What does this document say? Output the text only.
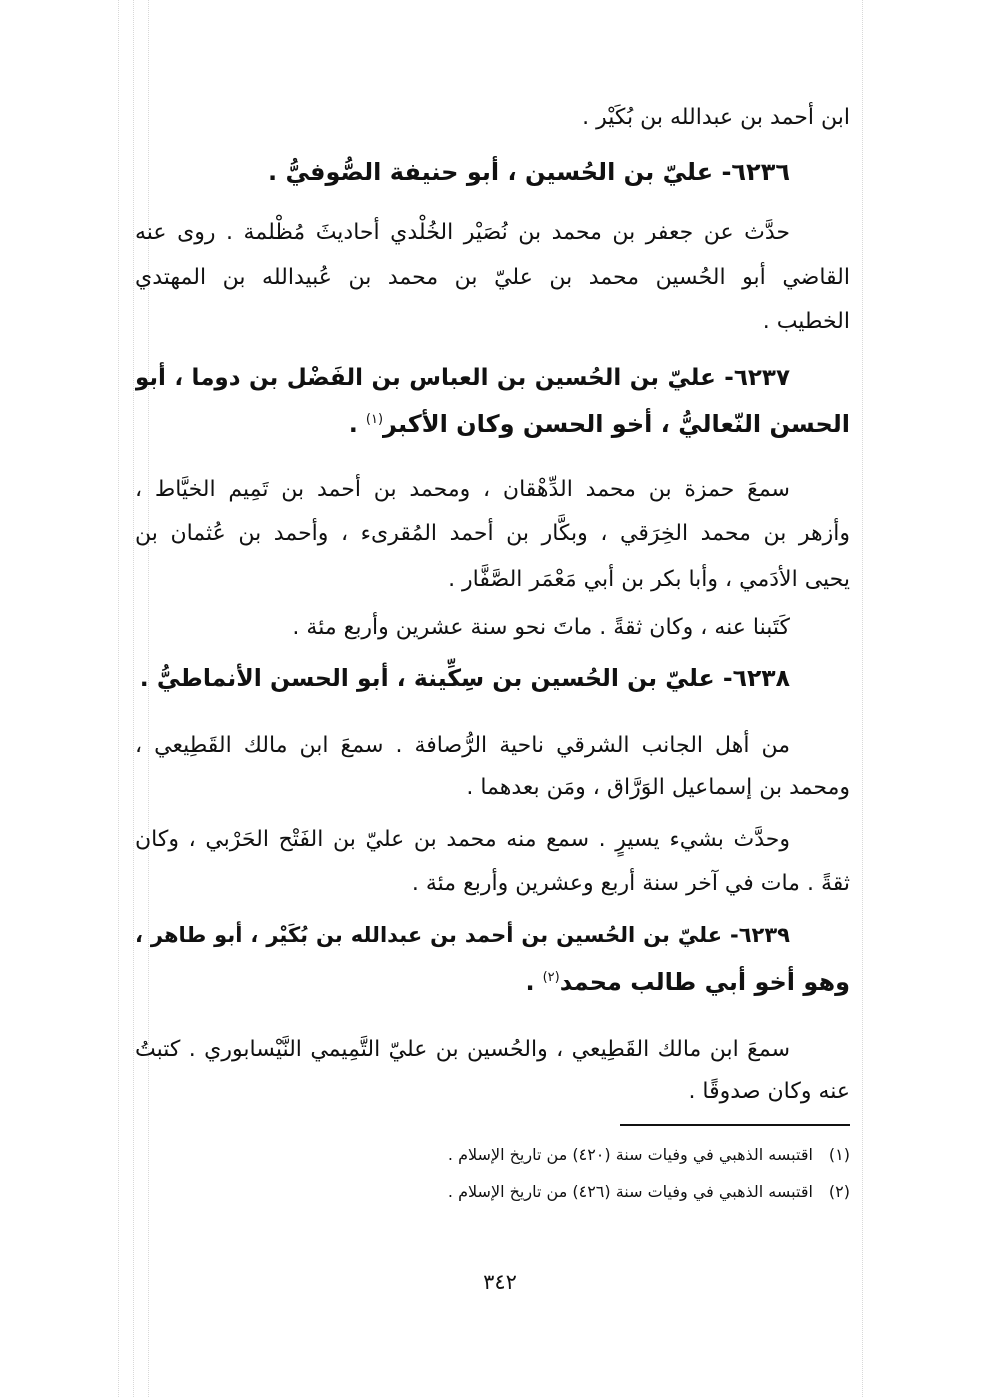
ابن أحمد بن عبدالله بن بُكَيْر .
٦٢٣٦- عليّ بن الحُسين ، أبو حنيفة الصُّوفيُّ .
حدَّث عن جعفر بن محمد بن نُصَيْر الخُلْدي أحاديثَ مُظْلمة . روى عنه
القاضي أبو الحُسين محمد بن عليّ بن محمد بن عُبيدالله بن المهتدي
الخطيب .
٦٢٣٧- عليّ بن الحُسين بن العباس بن الفَضْل بن دوما ، أبو
الحسن النّعاليُّ ، أخو الحسن وكان الأكبر$^{(١)}$.
سمعَ حمزة بن محمد الدِّهْقان ، ومحمد بن أحمد بن تَمِيم الخيَّاط ،
وأزهر بن محمد الخِرَقي ، وبكَّار بن أحمد المُقرىء ، وأحمد بن عُثمان بن
يحيى الأدَمي ، وأبا بكر بن أبي مَعْمَر الصَّفَّار .
كَتَبنا عنه ، وكان ثقةً . ماتَ نحو سنة عشرين وأربع مئة .
٦٢٣٨- عليّ بن الحُسين بن سِكِّينة ، أبو الحسن الأنماطيُّ .
من أهل الجانب الشرقي ناحية الرُّصافة . سمعَ ابن مالك القَطِيعي ،
ومحمد بن إسماعيل الوَرَّاق ، ومَن بعدهما .
وحدَّث بشيء يسيرٍ . سمع منه محمد بن عليّ بن الفَتْح الحَرْبي ، وكان
ثقةً . مات في آخر سنة أربع وعشرين وأربع مئة .
٦٢٣٩- عليّ بن الحُسين بن أحمد بن عبدالله بن بُكَيْر ، أبو طاهر ،
وهو أخو أبي طالب محمد$^{(٢)}$.
سمعَ ابن مالك القَطِيعي ، والحُسين بن عليّ التَّمِيمي النَّيْسابوري . كتبتُ
عنه وكان صدوقًا .
(١)اقتبسه الذهبي في وفيات سنة (٤٢٠) من تاريخ الإسلام .
(٢)اقتبسه الذهبي في وفيات سنة (٤٢٦) من تاريخ الإسلام .
٣٤٢
